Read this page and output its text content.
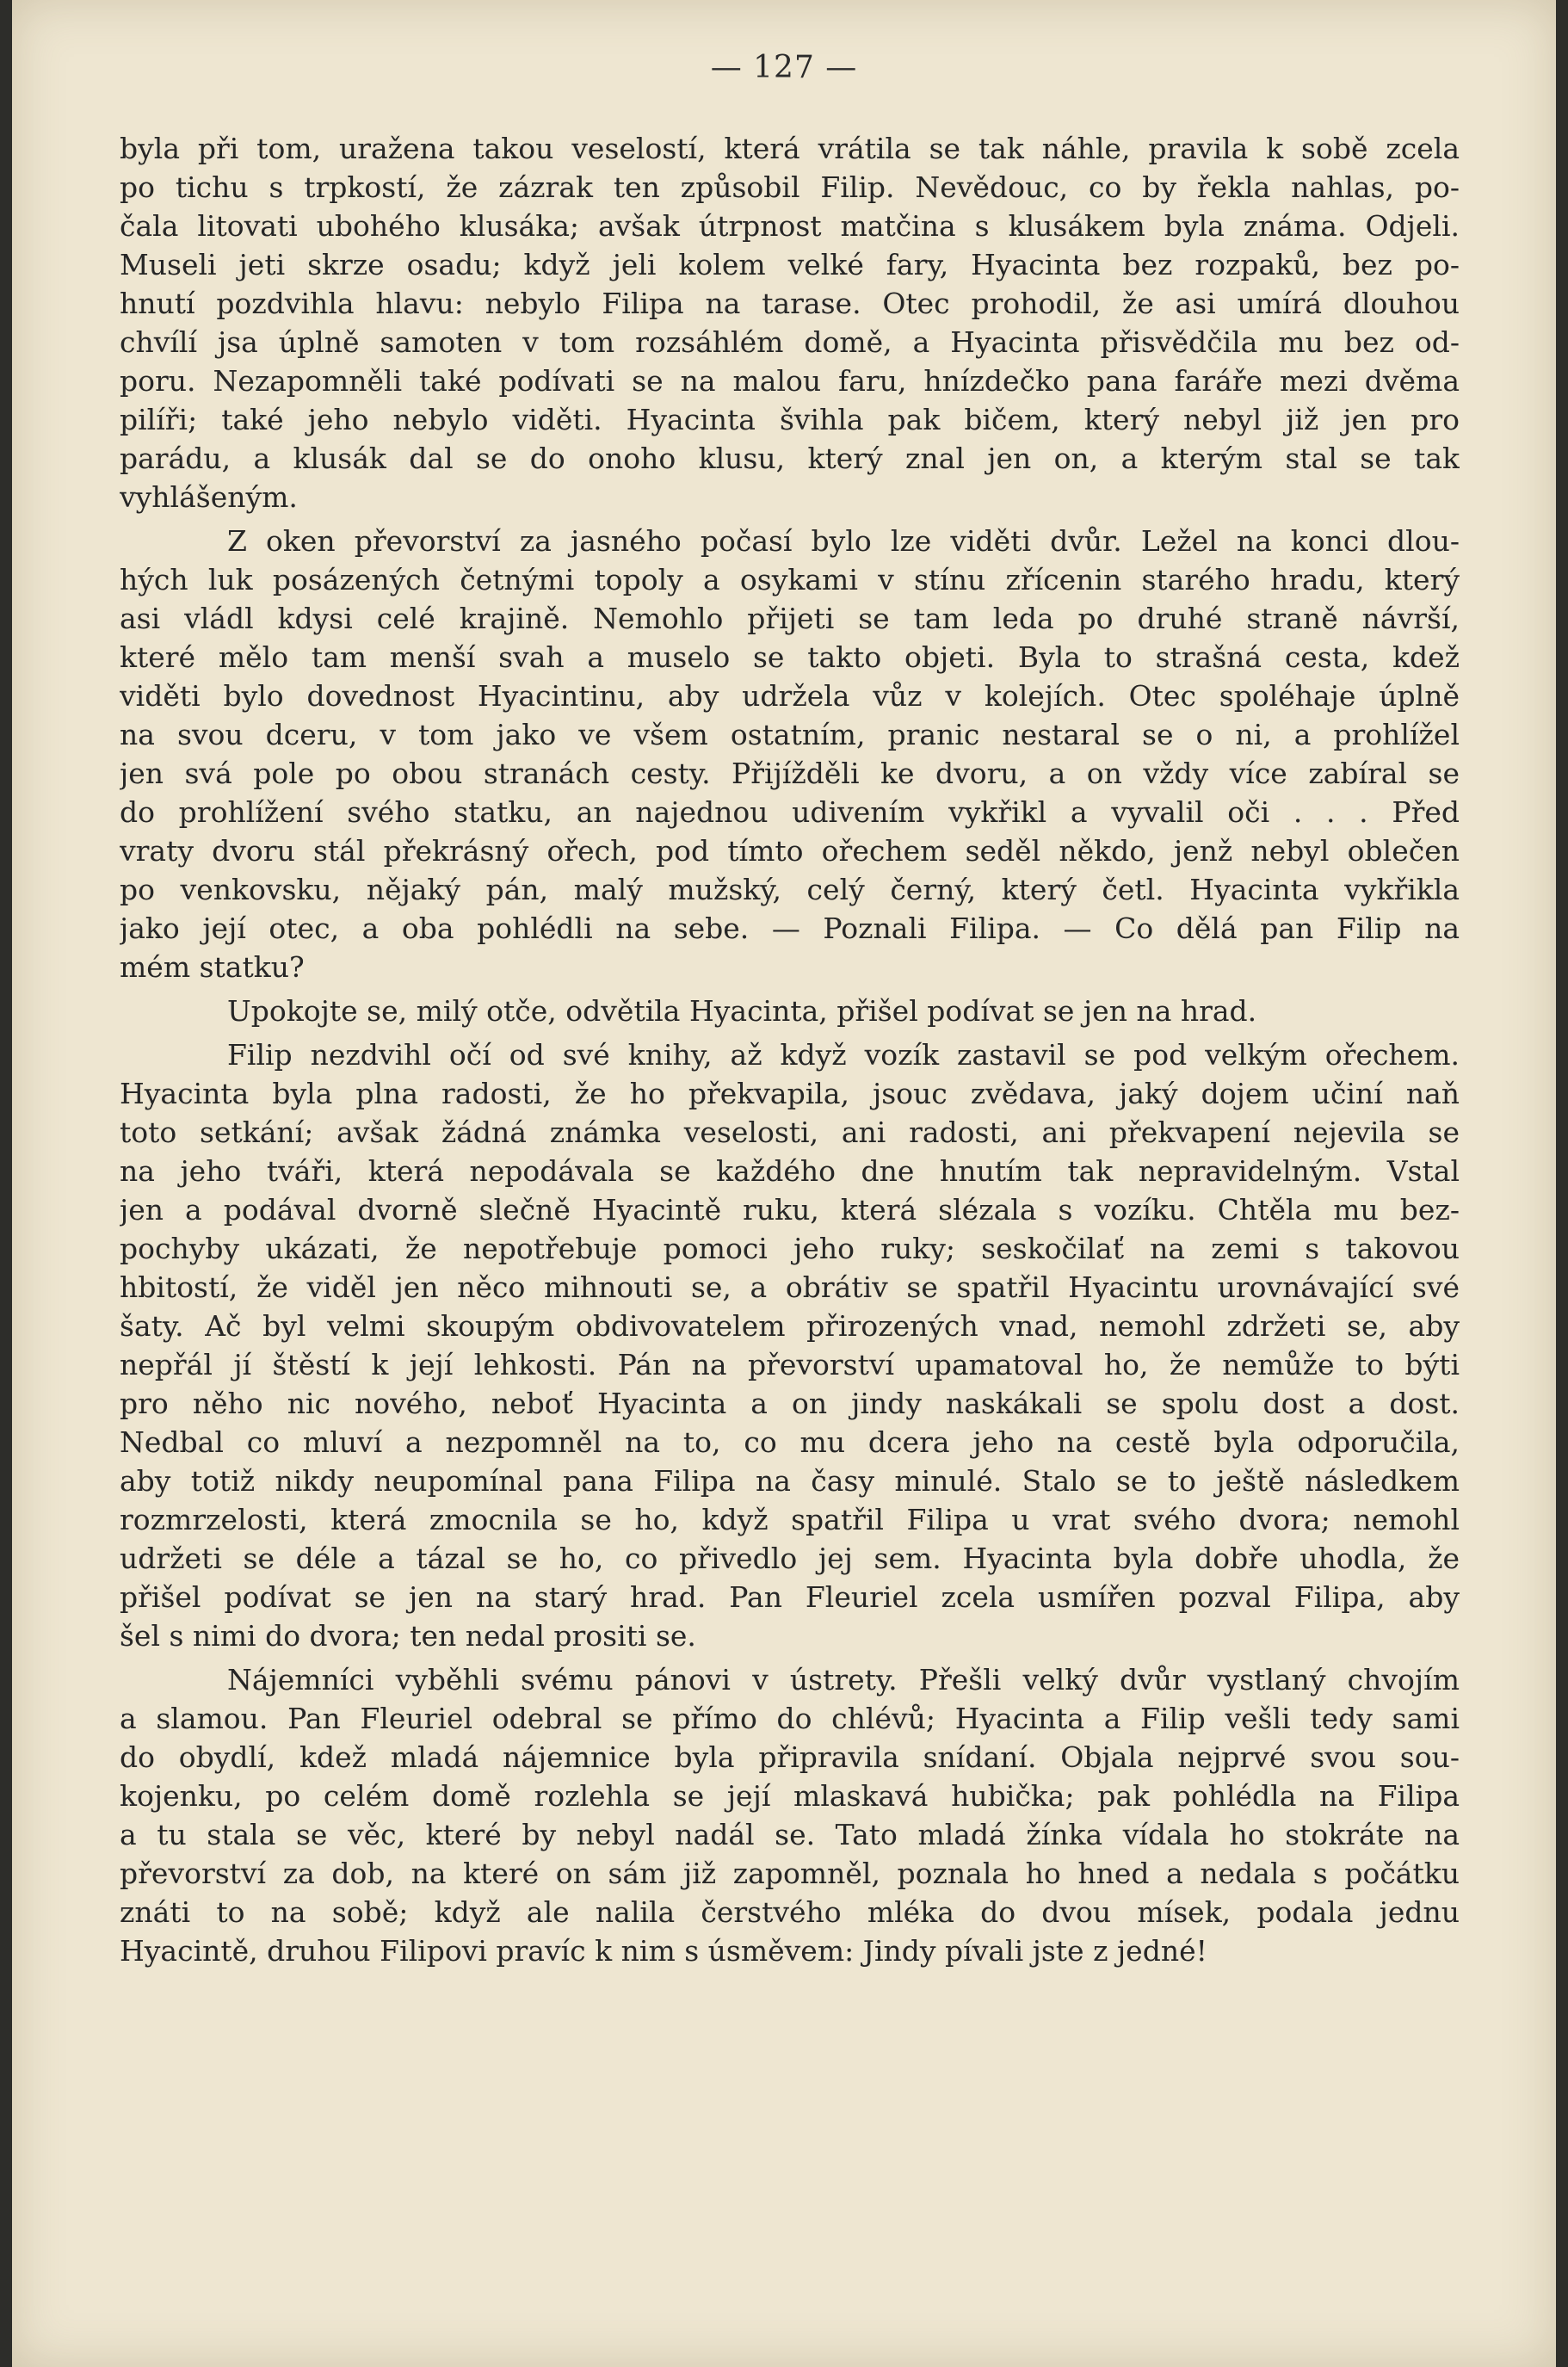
— 127 —
byla při tom, uražena takou veselostí, která vrátila se tak náhle, pravila k sobě zcela
po tichu s trpkostí, že zázrak ten způsobil Filip. Nevědouc, co by řekla nahlas, po-
čala litovati ubohého klusáka; avšak útrpnost matčina s klusákem byla známa. Odjeli.
Museli jeti skrze osadu; když jeli kolem velké fary, Hyacinta bez rozpaků, bez po-
hnutí pozdvihla hlavu: nebylo Filipa na tarase. Otec prohodil, že asi umírá dlouhou
chvílí jsa úplně samoten v tom rozsáhlém domě, a Hyacinta přisvědčila mu bez od-
poru. Nezapomněli také podívati se na malou faru, hnízdečko pana faráře mezi dvěma
pilíři; také jeho nebylo viděti. Hyacinta švihla pak bičem, který nebyl již jen pro
parádu, a klusák dal se do onoho klusu, který znal jen on, a kterým stal se tak
vyhlášeným.
Z oken převorství za jasného počasí bylo lze viděti dvůr. Ležel na konci dlou-
hých luk posázených četnými topoly a osykami v stínu zřícenin starého hradu, který
asi vládl kdysi celé krajině. Nemohlo přijeti se tam leda po druhé straně návrší,
které mělo tam menší svah a muselo se takto objeti. Byla to strašná cesta, kdež
viděti bylo dovednost Hyacintinu, aby udržela vůz v kolejích. Otec spoléhaje úplně
na svou dceru, v tom jako ve všem ostatním, pranic nestaral se o ni, a prohlížel
jen svá pole po obou stranách cesty. Přijížděli ke dvoru, a on vždy více zabíral se
do prohlížení svého statku, an najednou udivením vykřikl a vyvalil oči . . . Před
vraty dvoru stál překrásný ořech, pod tímto ořechem seděl někdo, jenž nebyl oblečen
po venkovsku, nějaký pán, malý mužský, celý černý, který četl. Hyacinta vykřikla
jako její otec, a oba pohlédli na sebe. — Poznali Filipa. — Co dělá pan Filip na
mém statku?
Upokojte se, milý otče, odvětila Hyacinta, přišel podívat se jen na hrad.
Filip nezdvihl očí od své knihy, až když vozík zastavil se pod velkým ořechem.
Hyacinta byla plna radosti, že ho překvapila, jsouc zvědava, jaký dojem učiní naň
toto setkání; avšak žádná známka veselosti, ani radosti, ani překvapení nejevila se
na jeho tváři, která nepodávala se každého dne hnutím tak nepravidelným. Vstal
jen a podával dvorně slečně Hyacintě ruku, která slézala s vozíku. Chtěla mu bez-
pochyby ukázati, že nepotřebuje pomoci jeho ruky; seskočilať na zemi s takovou
hbitostí, že viděl jen něco mihnouti se, a obrátiv se spatřil Hyacintu urovnávající své
šaty. Ač byl velmi skoupým obdivovatelem přirozených vnad, nemohl zdržeti se, aby
nepřál jí štěstí k její lehkosti. Pán na převorství upamatoval ho, že nemůže to býti
pro něho nic nového, neboť Hyacinta a on jindy naskákali se spolu dost a dost.
Nedbal co mluví a nezpomněl na to, co mu dcera jeho na cestě byla odporučila,
aby totiž nikdy neupomínal pana Filipa na časy minulé. Stalo se to ještě následkem
rozmrzelosti, která zmocnila se ho, když spatřil Filipa u vrat svého dvora; nemohl
udržeti se déle a tázal se ho, co přivedlo jej sem. Hyacinta byla dobře uhodla, že
přišel podívat se jen na starý hrad. Pan Fleuriel zcela usmířen pozval Filipa, aby
šel s nimi do dvora; ten nedal prositi se.
Nájemníci vyběhli svému pánovi v ústrety. Přešli velký dvůr vystlaný chvojím
a slamou. Pan Fleuriel odebral se přímo do chlévů; Hyacinta a Filip vešli tedy sami
do obydlí, kdež mladá nájemnice byla připravila snídaní. Objala nejprvé svou sou-
kojenku, po celém domě rozlehla se její mlaskavá hubička; pak pohlédla na Filipa
a tu stala se věc, které by nebyl nadál se. Tato mladá žínka vídala ho stokráte na
převorství za dob, na které on sám již zapomněl, poznala ho hned a nedala s počátku
znáti to na sobě; když ale nalila čerstvého mléka do dvou mísek, podala jednu
Hyacintě, druhou Filipovi pravíc k nim s úsměvem: Jindy pívali jste z jedné!
